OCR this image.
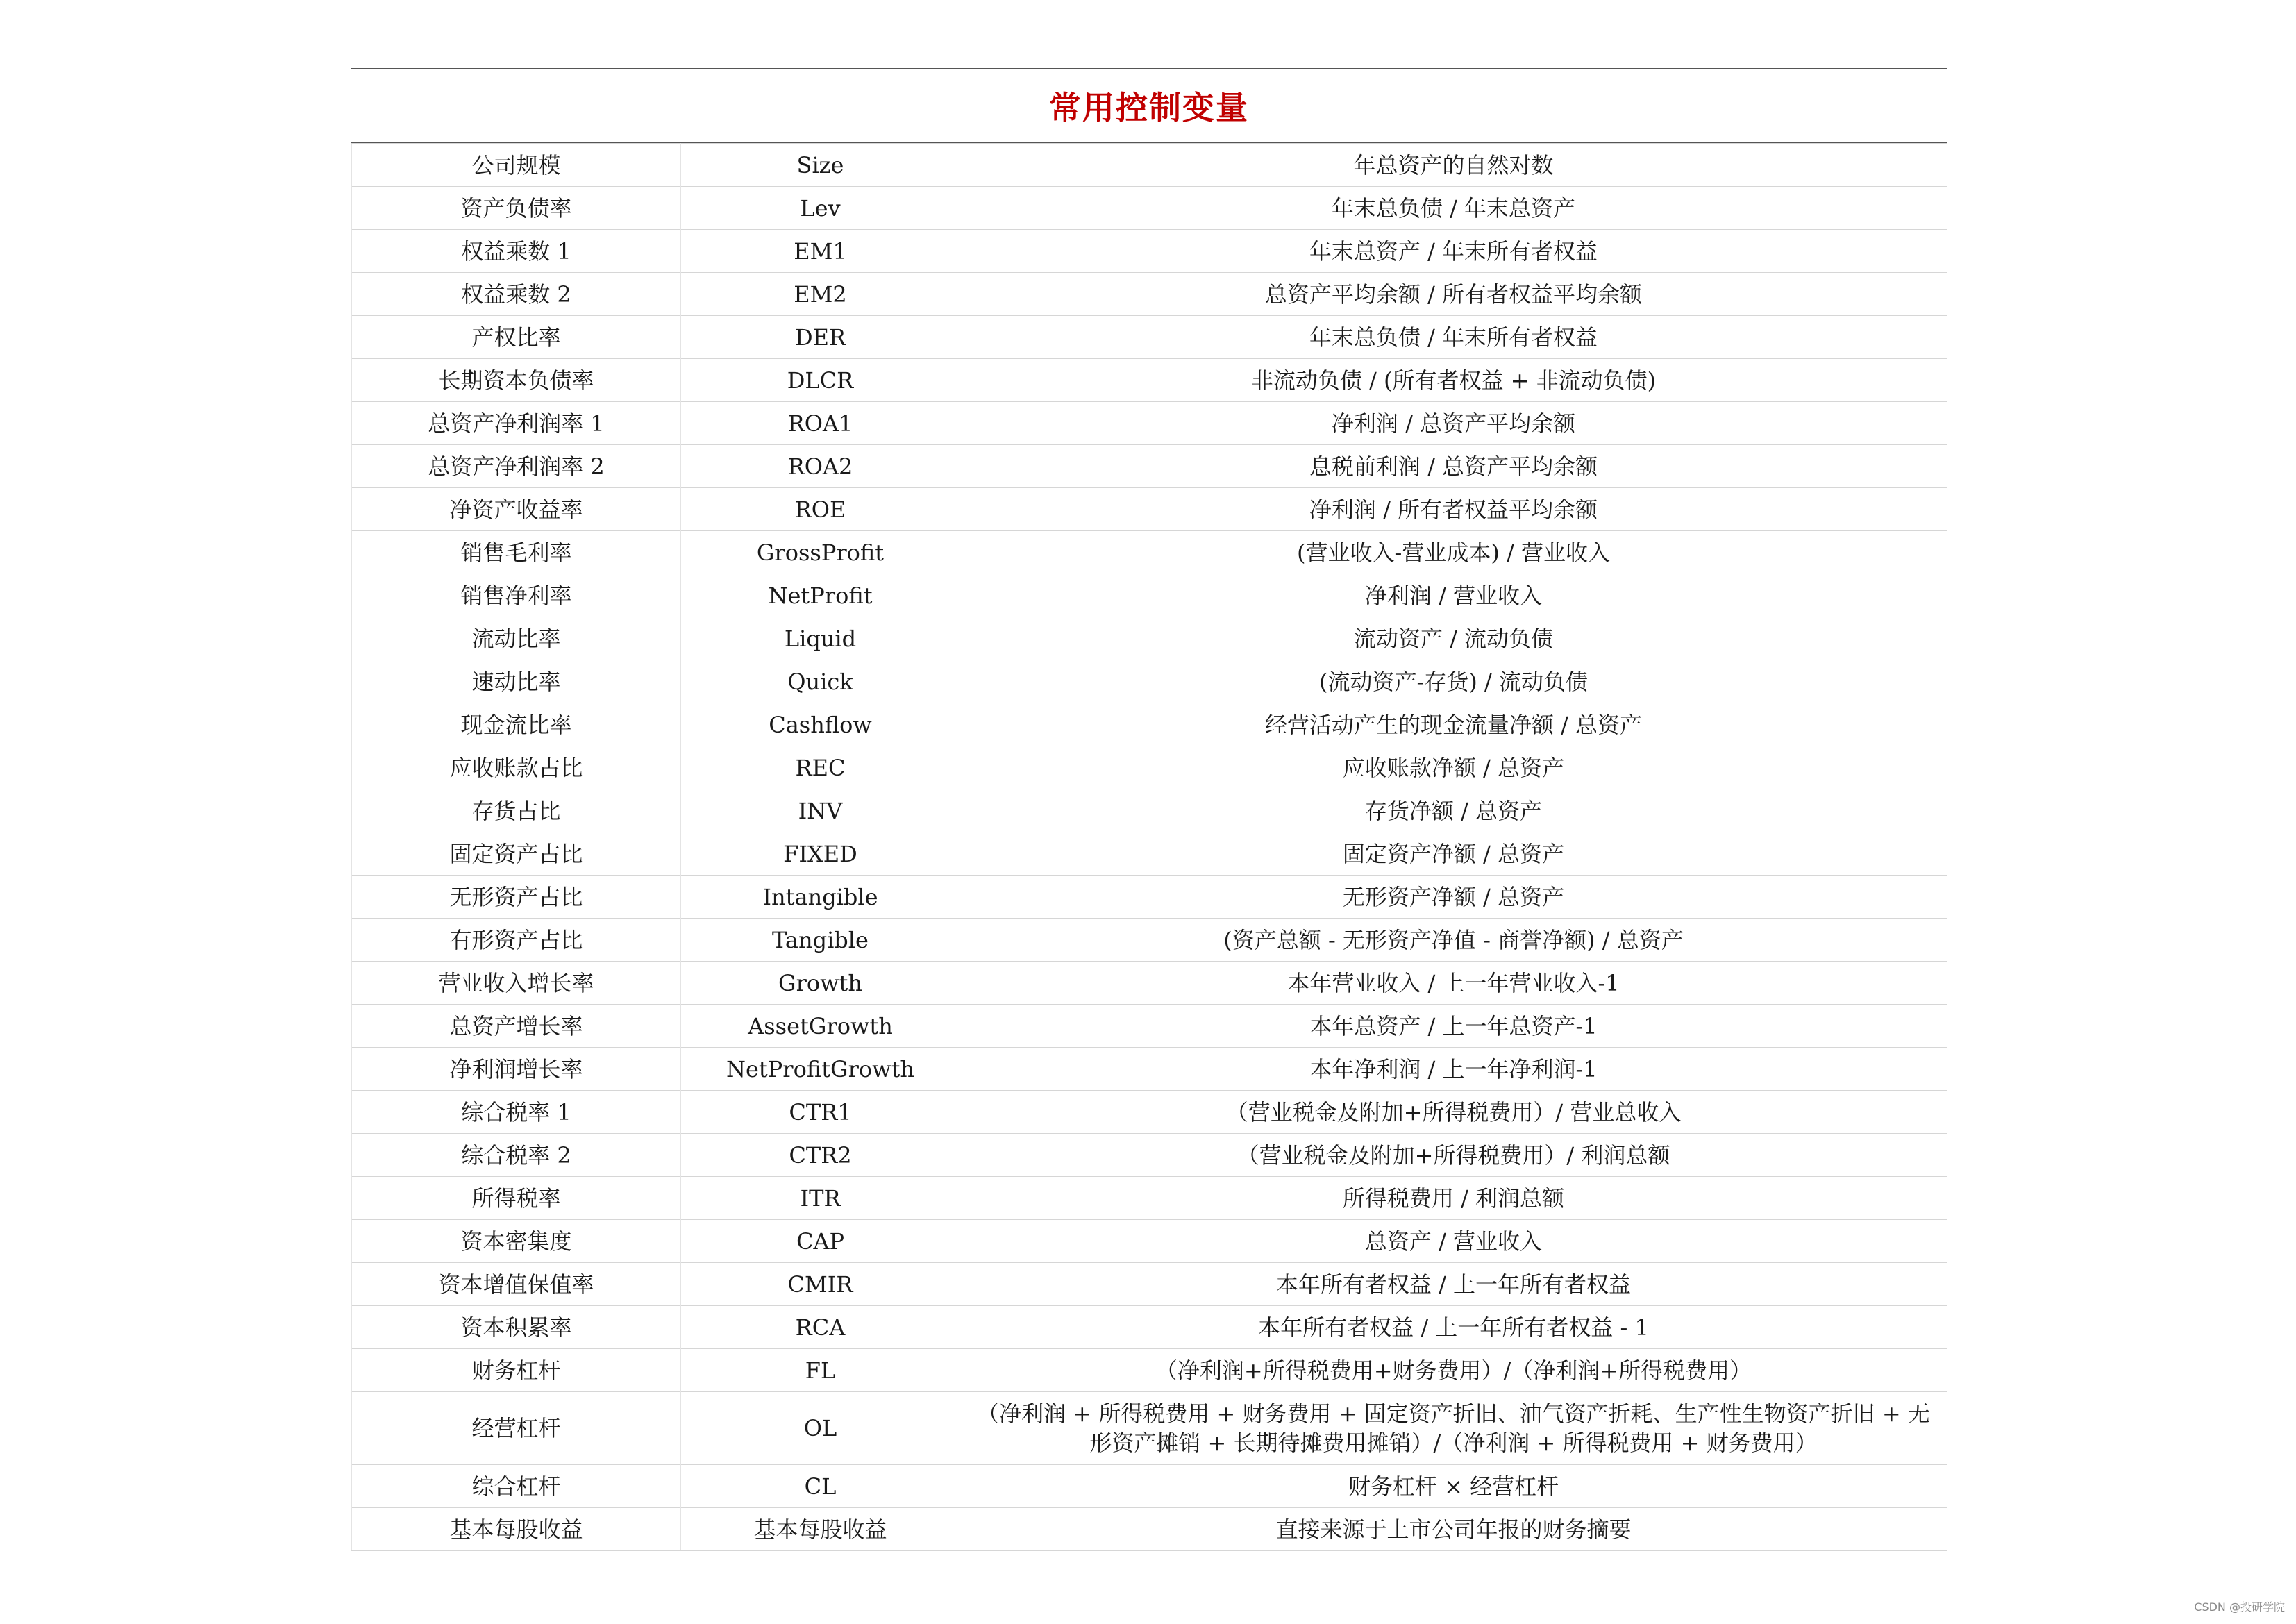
常用控制变量
公司规模	Size	年总资产的自然对数
资产负债率	Lev	年末总负债 / 年末总资产
权益乘数 1	EM1	年末总资产 / 年末所有者权益
权益乘数 2	EM2	总资产平均余额 / 所有者权益平均余额
产权比率	DER	年末总负债 / 年末所有者权益
长期资本负债率	DLCR	非流动负债 / (所有者权益 + 非流动负债)
总资产净利润率 1	ROA1	净利润 / 总资产平均余额
总资产净利润率 2	ROA2	息税前利润 / 总资产平均余额
净资产收益率	ROE	净利润 / 所有者权益平均余额
销售毛利率	GrossProfit	(营业收入-营业成本) / 营业收入
销售净利率	NetProfit	净利润 / 营业收入
流动比率	Liquid	流动资产 / 流动负债
速动比率	Quick	(流动资产-存货) / 流动负债
现金流比率	Cashflow	经营活动产生的现金流量净额 / 总资产
应收账款占比	REC	应收账款净额 / 总资产
存货占比	INV	存货净额 / 总资产
固定资产占比	FIXED	固定资产净额 / 总资产
无形资产占比	Intangible	无形资产净额 / 总资产
有形资产占比	Tangible	(资产总额 - 无形资产净值 - 商誉净额) / 总资产
营业收入增长率	Growth	本年营业收入 / 上一年营业收入-1
总资产增长率	AssetGrowth	本年总资产 / 上一年总资产-1
净利润增长率	NetProfitGrowth	本年净利润 / 上一年净利润-1
综合税率 1	CTR1	（营业税金及附加+所得税费用）/ 营业总收入
综合税率 2	CTR2	（营业税金及附加+所得税费用）/ 利润总额
所得税率	ITR	所得税费用 / 利润总额
资本密集度	CAP	总资产 / 营业收入
资本增值保值率	CMIR	本年所有者权益 / 上一年所有者权益
资本积累率	RCA	本年所有者权益 / 上一年所有者权益 - 1
财务杠杆	FL	（净利润+所得税费用+财务费用）/（净利润+所得税费用）
经营杠杆	OL	（净利润 + 所得税费用 + 财务费用 + 固定资产折旧、油气资产折耗、生产性生物资产折旧 + 无形资产摊销 + 长期待摊费用摊销）/（净利润 + 所得税费用 + 财务费用）
综合杠杆	CL	财务杠杆 × 经营杠杆
基本每股收益	基本每股收益	直接来源于上市公司年报的财务摘要
CSDN @投研学院
